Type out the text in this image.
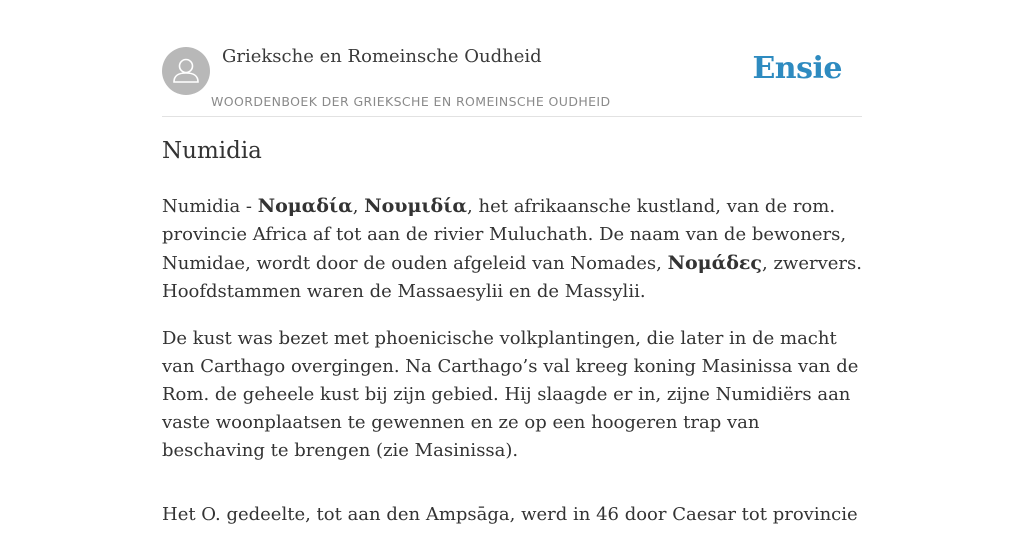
Grieksche en Romeinsche Oudheid
WOORDENBOEK DER GRIEKSCHE EN ROMEINSCHE OUDHEID
Ensie
Numidia

Numidia - Νομαδία, Νουμιδία, het afrikaansche kustland, van de rom. provincie Africa af tot aan de rivier Muluchath. De naam van de bewoners, Numidae, wordt door de ouden afgeleid van Nomades, Νομάδες, zwervers. Hoofdstammen waren de Massaesylii en de Massylii.

De kust was bezet met phoenicische volkplantingen, die later in de macht van Carthago overgingen. Na Carthago’s val kreeg koning Masinissa van de Rom. de geheele kust bij zijn gebied. Hij slaagde er in, zijne Numidiërs aan vaste woonplaatsen te gewennen en ze op een hoogeren trap van beschaving te brengen (zie Masinissa).

Het O. gedeelte, tot aan den Ampsāga, werd in 46 door Caesar tot provincie
